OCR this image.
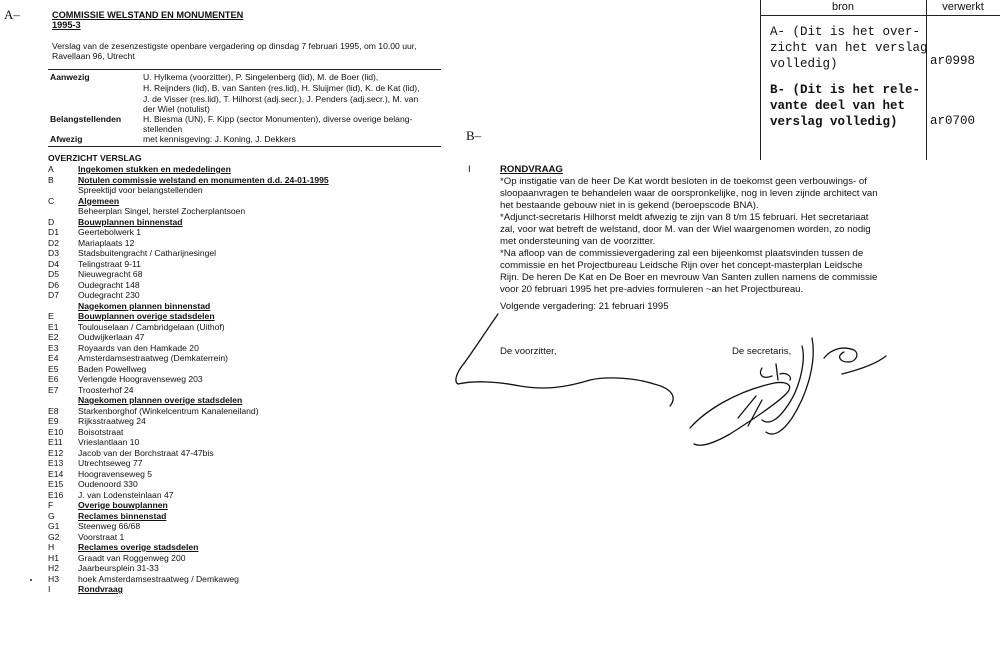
A–
B–
COMMISSIE WELSTAND EN MONUMENTEN
1995-3
Verslag van de zesenzestigste openbare vergadering op dinsdag 7 februari 1995, om 10.00 uur,
Ravellaan 96, Utrecht
Aanwezig	U. Hylkema (voorzitter), P. Singelenberg (lid), M. de Boer (lid),
H. Reijnders (lid), B. van Santen (res.lid), H. Sluijmer (lid), K. de Kat (lid),
J. de Visser (res.lid), T. Hilhorst (adj.secr.), J. Penders (adj.secr.), M. van
der Wiel (notulist)
Belangstellenden	H. Biesma (UN), F. Kipp (sector Monumenten), diverse overige belang-
stellenden
Afwezig	met kennisgeving: J. Koning, J. Dekkers
OVERZICHT VERSLAG
A	Ingekomen stukken en mededelingen
B	Notulen commissie welstand en monumenten d.d. 24-01-1995
Spreektijd voor belangstellenden
C	Algemeen
Beheerplan Singel, herstel Zocherplantsoen
D	Bouwplannen binnenstad
D1 Geertebolwerk 1
D2 Mariaplaats 12
D3 Stadsbuitengracht / Catharijnesingel
D4 Telingstraat 9-11
D5 Nieuwegracht 68
D6 Oudegracht 148
D7 Oudegracht 230
Nagekomen plannen binnenstad
E	Bouwplannen overige stadsdelen
E1 Toulouselaan / Cambridgelaan (Uithof)
E2 Oudwijkerlaan 47
E3 Royaards van den Hamkade 20
E4 Amsterdamsestraatweg (Demkaterrein)
E5 Baden Powellweg
E6 Verlengde Hoogravenseweg 203
E7 Troosterhof 24
Nagekomen plannen overige stadsdelen
E8 Starkenborghof (Winkelcentrum Kanaleneiland)
E9 Rijksstraatweg 24
E10 Boisotstraat
E11 Vrieslantlaan 10
E12 Jacob van der Borchstraat 47-47bis
E13 Utrechtseweg 77
E14 Hoogravenseweg 5
E15 Oudenoord 330
E16 J. van Lodensteinlaan 47
F	Overige bouwplannen
G	Reclames binnenstad
G1 Steenweg 66/68
G2 Voorstraat 1
H	Reclames overige stadsdelen
H1 Graadt van Roggenweg 200
H2 Jaarbeursplein 31-33
H3 hoek Amsterdamsestraatweg / Demkaweg
I	Rondvraag
bron	verwerkt
A- (Dit is het over-
zicht van het verslag
volledig)	ar0998
B- (Dit is het rele-
vante deel van het
verslag volledig)	ar0700
I	RONDVRAAG
*Op instigatie van de heer De Kat wordt besloten in de toekomst geen verbouwings- of
sloopaanvragen te behandelen waar de oorspronkelijke, nog in leven zijnde architect van
het bestaande gebouw niet in is gekend (beroepscode BNA).
*Adjunct-secretaris Hilhorst meldt afwezig te zijn van 8 t/m 15 februari. Het secretariaat
zal, voor wat betreft de welstand, door M. van der Wiel waargenomen worden, zo nodig
met ondersteuning van de voorzitter.
*Na afloop van de commissievergadering zal een bijeenkomst plaatsvinden tussen de
commissie en het Projectbureau Leidsche Rijn over het concept-masterplan Leidsche
Rijn. De heren De Kat en De Boer en mevrouw Van Santen zullen namens de commissie
voor 20 februari 1995 het pre-advies formuleren ~an het Projectbureau.
Volgende vergadering: 21 februari 1995
De voorzitter,	De secretaris,
